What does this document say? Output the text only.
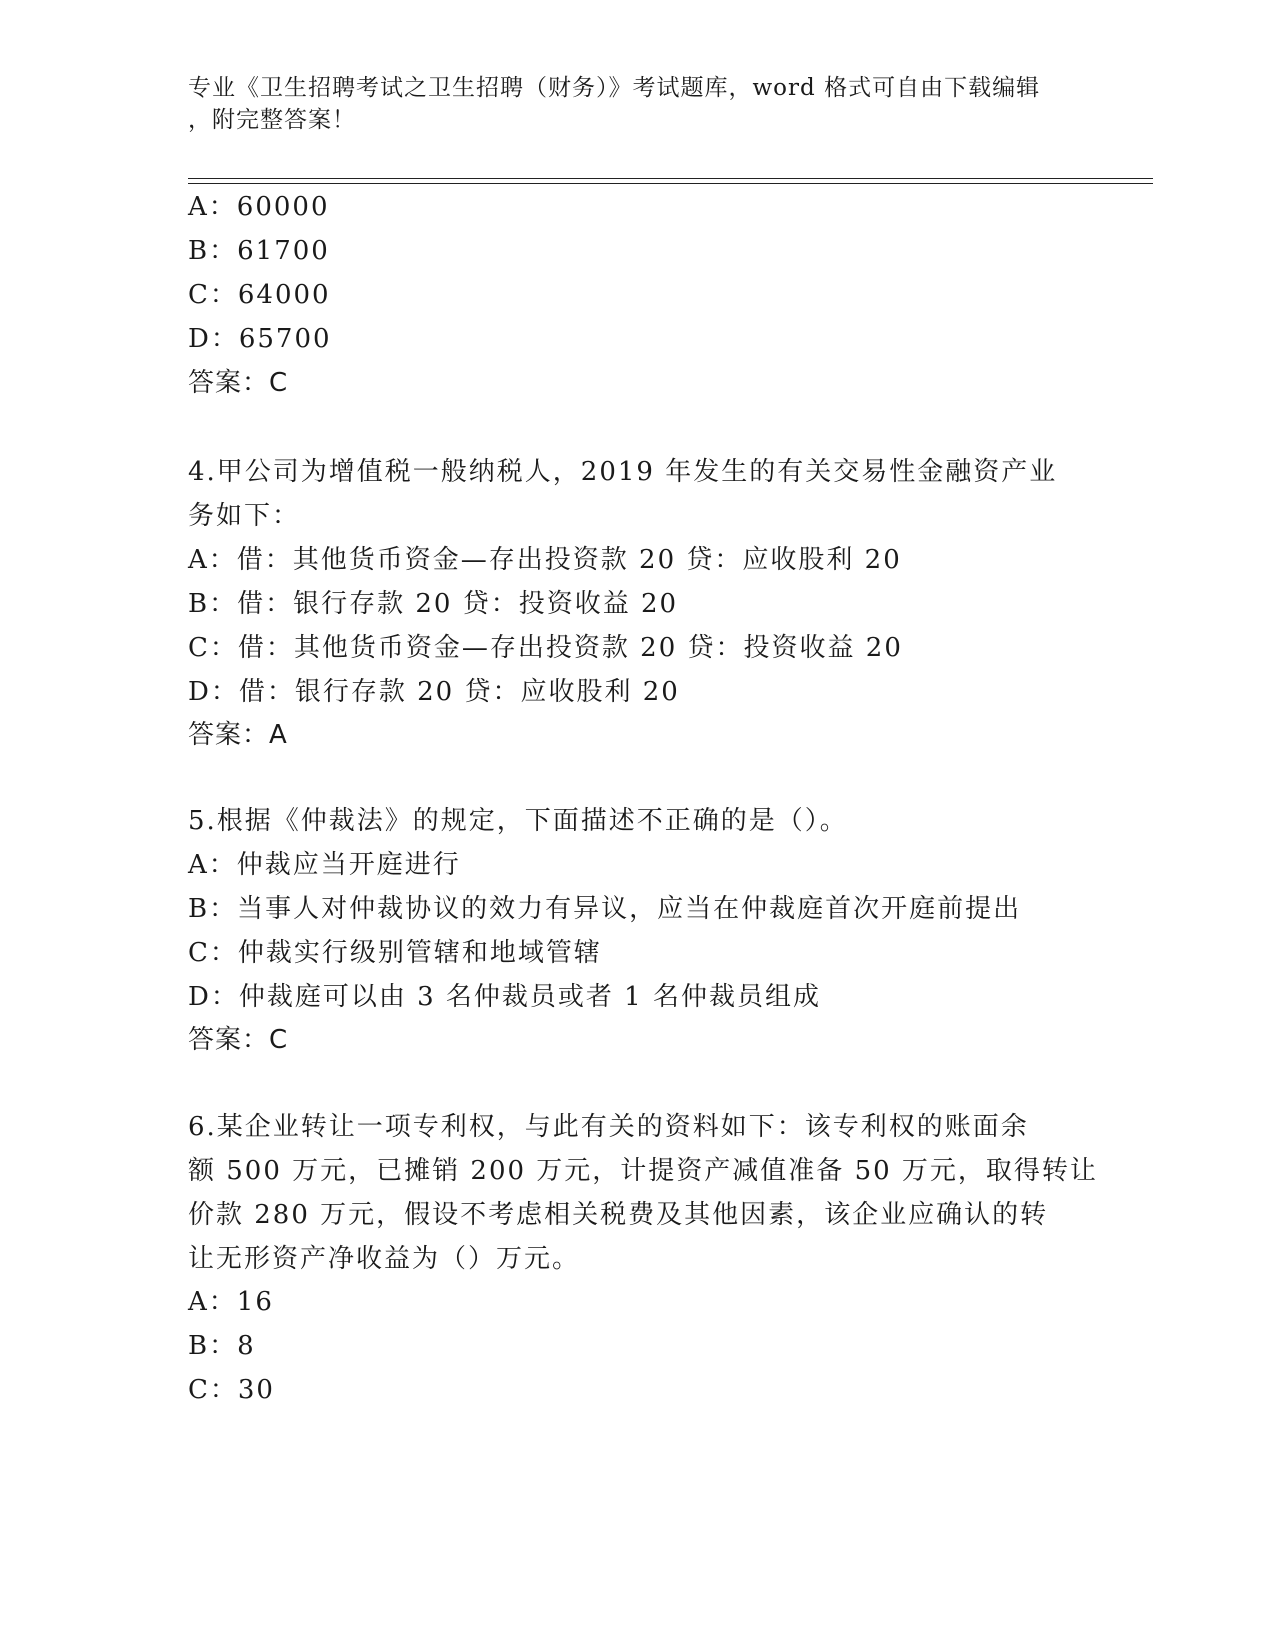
专业《卫生招聘考试之卫生招聘（财务）》考试题库，word 格式可自由下载编辑
，附完整答案！
A：60000
B：61700
C：64000
D：65700
答案：C
4.甲公司为增值税一般纳税人，2019 年发生的有关交易性金融资产业
务如下：
A：借：其他货币资金—存出投资款 20 贷：应收股利 20
B：借：银行存款 20 贷：投资收益 20
C：借：其他货币资金—存出投资款 20 贷：投资收益 20
D：借：银行存款 20 贷：应收股利 20
答案：A
5.根据《仲裁法》的规定，下面描述不正确的是（）。
A：仲裁应当开庭进行
B：当事人对仲裁协议的效力有异议，应当在仲裁庭首次开庭前提出
C：仲裁实行级别管辖和地域管辖
D：仲裁庭可以由 3 名仲裁员或者 1 名仲裁员组成
答案：C
6.某企业转让一项专利权，与此有关的资料如下：该专利权的账面余
额 500 万元，已摊销 200 万元，计提资产减值准备 50 万元，取得转让
价款 280 万元，假设不考虑相关税费及其他因素，该企业应确认的转
让无形资产净收益为（）万元。
A：16
B：8
C：30
